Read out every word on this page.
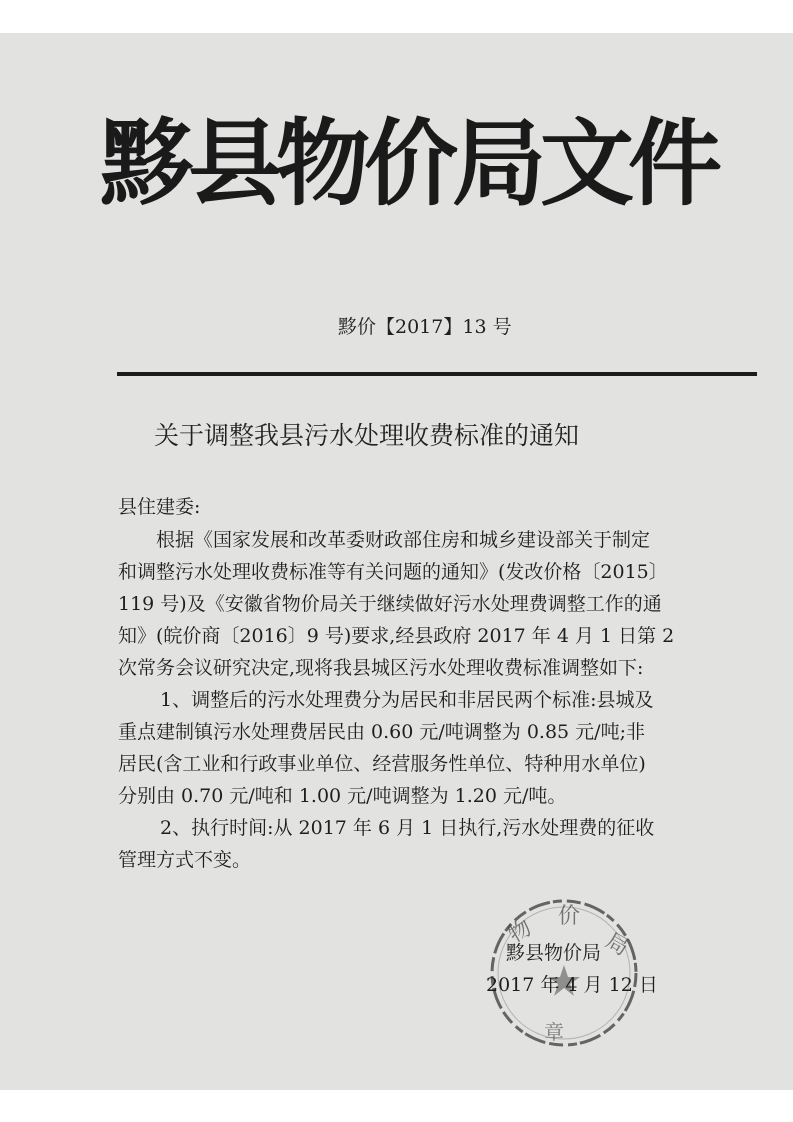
黟县物价局文件
黟价【2017】13 号
关于调整我县污水处理收费标准的通知
县住建委:
根据《国家发展和改革委财政部住房和城乡建设部关于制定
和调整污水处理收费标准等有关问题的通知》(发改价格〔2015〕
119 号)及《安徽省物价局关于继续做好污水处理费调整工作的通
知》(皖价商〔2016〕9 号)要求,经县政府 2017 年 4 月 1 日第 2
次常务会议研究决定,现将我县城区污水处理收费标准调整如下:
1、调整后的污水处理费分为居民和非居民两个标准:县城及
重点建制镇污水处理费居民由 0.60 元/吨调整为 0.85 元/吨;非
居民(含工业和行政事业单位、经营服务性单位、特种用水单位)
分别由 0.70 元/吨和 1.00 元/吨调整为 1.20 元/吨。
2、执行时间:从 2017 年 6 月 1 日执行,污水处理费的征收
管理方式不变。
物 价
局
章
黟县物价局
2017 年 4 月 12 日
